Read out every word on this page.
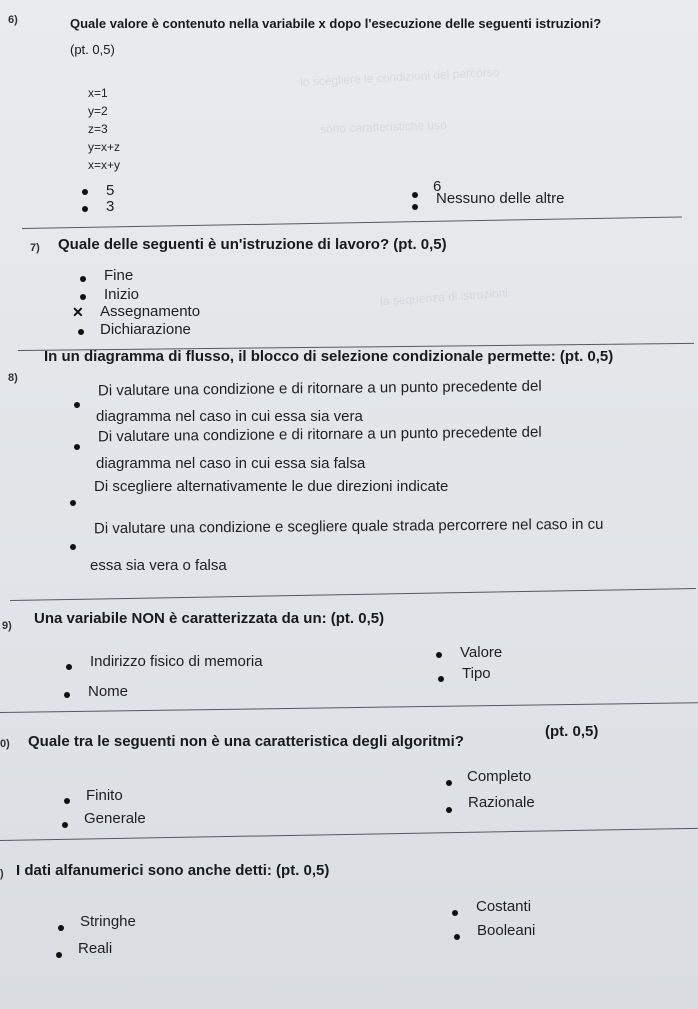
lo scegliere le condizioni del percorso
sono caratteristiche uso
la sequenza di istruzioni
6)	Quale valore è contenuto nella variabile x dopo l'esecuzione delle seguenti istruzioni?
(pt. 0,5)
x=1
y=2
z=3
y=x+z
x=x+y
5
3
6
Nessuno delle altre
7) Quale delle seguenti è un'istruzione di lavoro? (pt. 0,5)
Fine
Inizio
✕ Assegnamento
Dichiarazione
8)
In un diagramma di flusso, il blocco di selezione condizionale permette: (pt. 0,5)
Di valutare una condizione e di ritornare a un punto precedente del
diagramma nel caso in cui essa sia vera
Di valutare una condizione e di ritornare a un punto precedente del
diagramma nel caso in cui essa sia falsa
Di scegliere alternativamente le due direzioni indicate
Di valutare una condizione e scegliere quale strada percorrere nel caso in cu
essa sia vera o falsa
9) Una variabile NON è caratterizzata da un: (pt. 0,5)
Indirizzo fisico di memoria
Nome
Valore
Tipo
0) Quale tra le seguenti non è una caratteristica degli algoritmi?
(pt. 0,5)
Finito
Generale
Completo
Razionale
) I dati alfanumerici sono anche detti: (pt. 0,5)
Stringhe
Reali
Costanti
Booleani
